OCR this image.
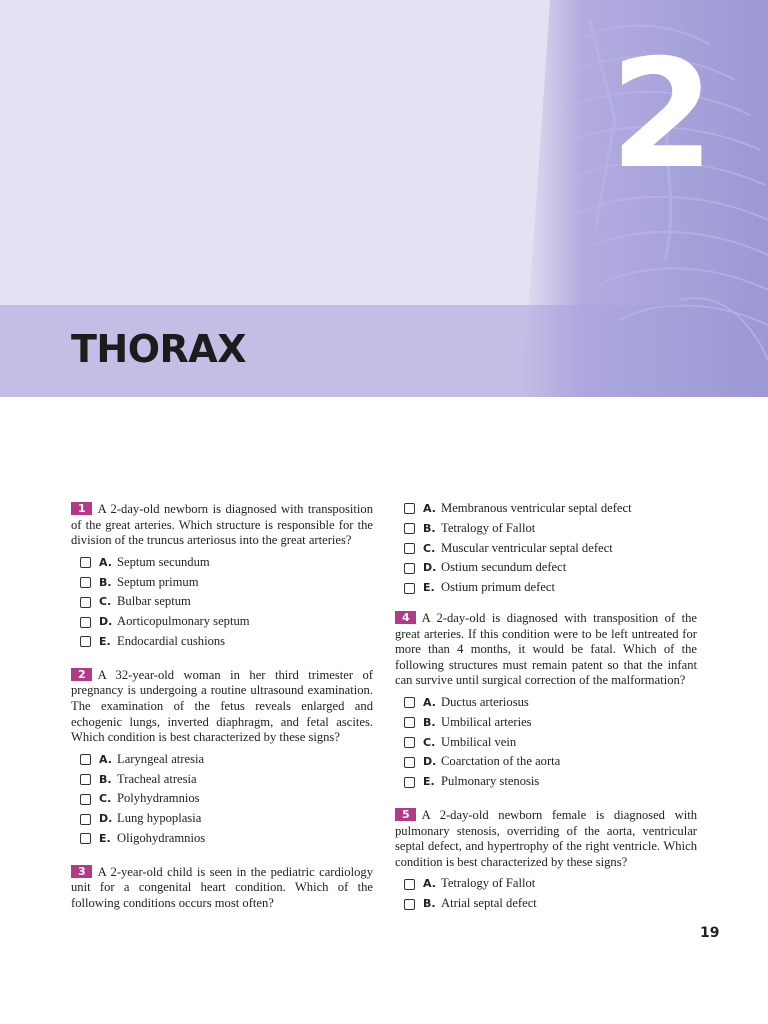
2
THORAX

1 A 2-day-old newborn is diagnosed with transposition of the great arteries. Which structure is responsible for the division of the truncus arteriosus into the great arteries?

A. Septum secundum
B. Septum primum
C. Bulbar septum
D. Aorticopulmonary septum
E. Endocardial cushions

2 A 32-year-old woman in her third trimester of pregnancy is undergoing a routine ultrasound examination. The examination of the fetus reveals enlarged and echogenic lungs, inverted diaphragm, and fetal ascites. Which condition is best characterized by these signs?

A. Laryngeal atresia
B. Tracheal atresia
C. Polyhydramnios
D. Lung hypoplasia
E. Oligohydramnios

3 A 2-year-old child is seen in the pediatric cardiology unit for a congenital heart condition. Which of the following conditions occurs most often?

A. Membranous ventricular septal defect
B. Tetralogy of Fallot
C. Muscular ventricular septal defect
D. Ostium secundum defect
E. Ostium primum defect

4 A 2-day-old is diagnosed with transposition of the great arteries. If this condition were to be left untreated for more than 4 months, it would be fatal. Which of the following structures must remain patent so that the infant can survive until surgical correction of the malformation?

A. Ductus arteriosus
B. Umbilical arteries
C. Umbilical vein
D. Coarctation of the aorta
E. Pulmonary stenosis

5 A 2-day-old newborn female is diagnosed with pulmonary stenosis, overriding of the aorta, ventricular septal defect, and hypertrophy of the right ventricle. Which condition is best characterized by these signs?

A. Tetralogy of Fallot
B. Atrial septal defect
19
